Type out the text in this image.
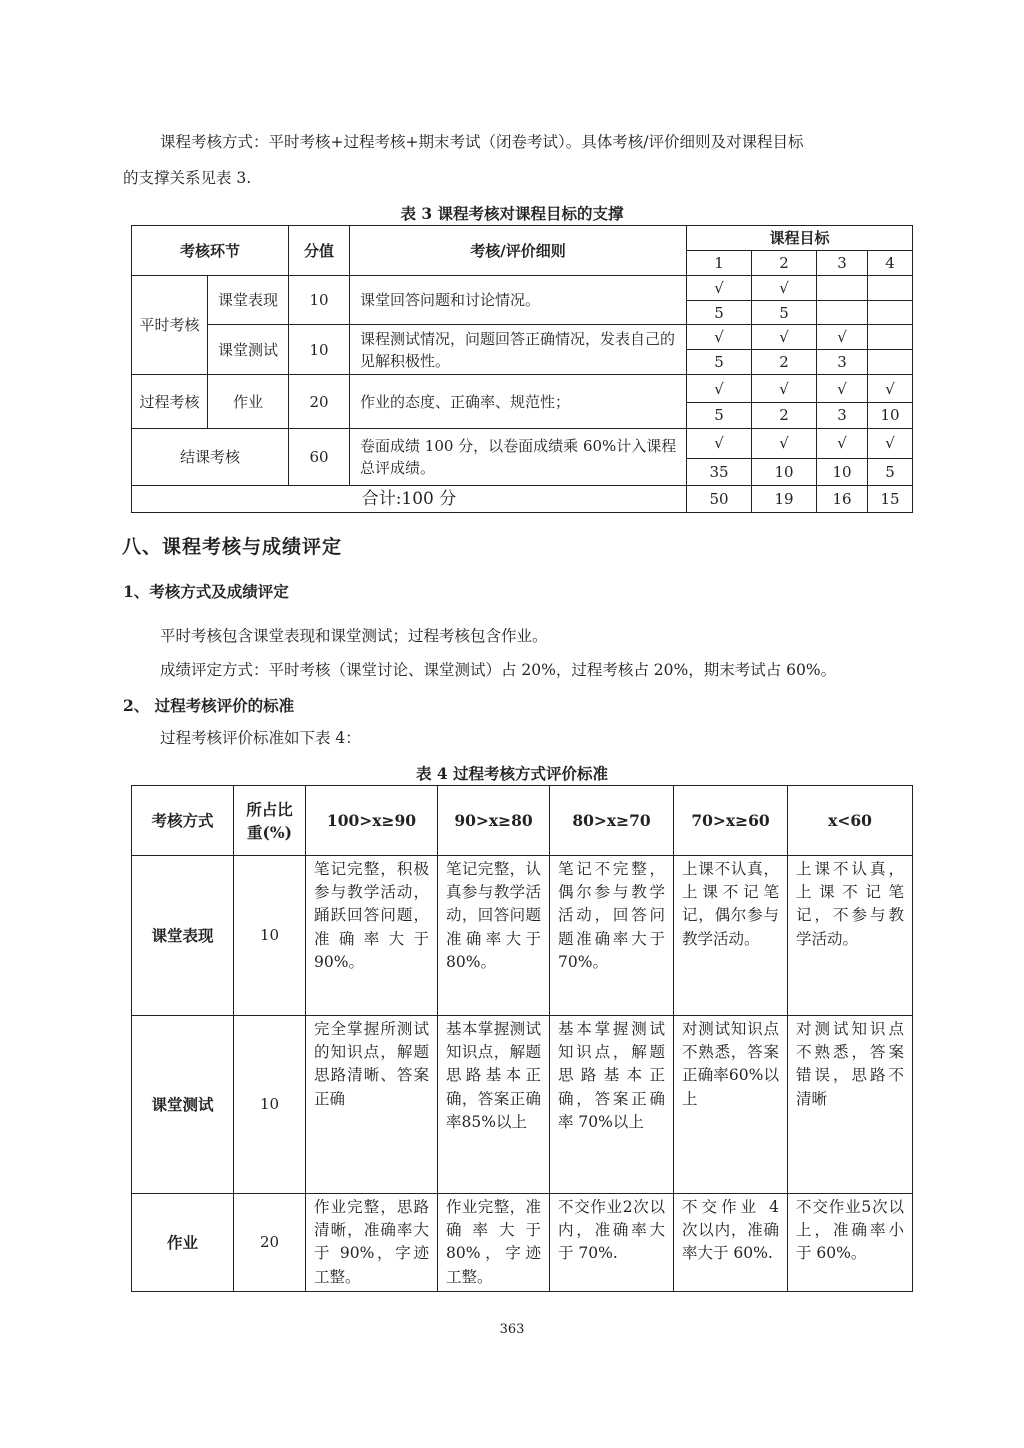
课程考核方式：平时考核+过程考核+期末考试（闭卷考试）。具体考核/评价细则及对课程目标
的支撑关系见表 3.
表 3 课程考核对课程目标的支撑
考核环节		分值	考核/评价细则	课程目标			
				1	2	3	4
平时考核	课堂表现	10	课堂回答问题和讨论情况。	√	√		
				5	5		
	课堂测试	10	课程测试情况，问题回答正确情况，发表自己的见解积极性。	√	√	√	
				5	2	3	
过程考核	作业	20	作业的态度、正确率、规范性；	√	√	√	√
				5	2	3	10
结课考核		60	卷面成绩 100 分，以卷面成绩乘 60%计入课程总评成绩。	√	√	√	√
				35	10	10	5
合计:100 分				50	19	16	15
八、课程考核与成绩评定
1、考核方式及成绩评定
平时考核包含课堂表现和课堂测试；过程考核包含作业。
成绩评定方式：平时考核（课堂讨论、课堂测试）占 20%，过程考核占 20%，期末考试占 60%。
2、 过程考核评价的标准
过程考核评价标准如下表 4：
表 4 过程考核方式评价标准
考核方式	所占比重(%)	100>x≥90	90>x≥80	80>x≥70	70>x≥60	x<60
课堂表现	10	笔记完整，积极参与教学活动，踊跃回答问题，准确率大于 90%。	笔记完整，认真参与教学活动，回答问题准确率大于 80%。	笔记不完整，偶尔参与教学活动，回答问题准确率大于 70%。	上课不认真，上课不记笔记，偶尔参与教学活动。	上课不认真，上课不记笔记，不参与教学活动。
课堂测试	10	完全掌握所测试的知识点，解题思路清晰、答案正确	基本掌握测试知识点，解题思路基本正确，答案正确率85%以上	基本掌握测试知识点，解题思路基本正确，答案正确率 70%以上	对测试知识点不熟悉，答案正确率60%以上	对测试知识点不熟悉，答案错误，思路不清晰
作业	20	作业完整，思路清晰，准确率大于 90%，字迹工整。	作业完整，准确率大于80%，字迹工整。	不交作业2次以内，准确率大于 70%.	不交作业 4 次以内，准确率大于 60%.	不交作业5次以上，准确率小于 60%。
363
